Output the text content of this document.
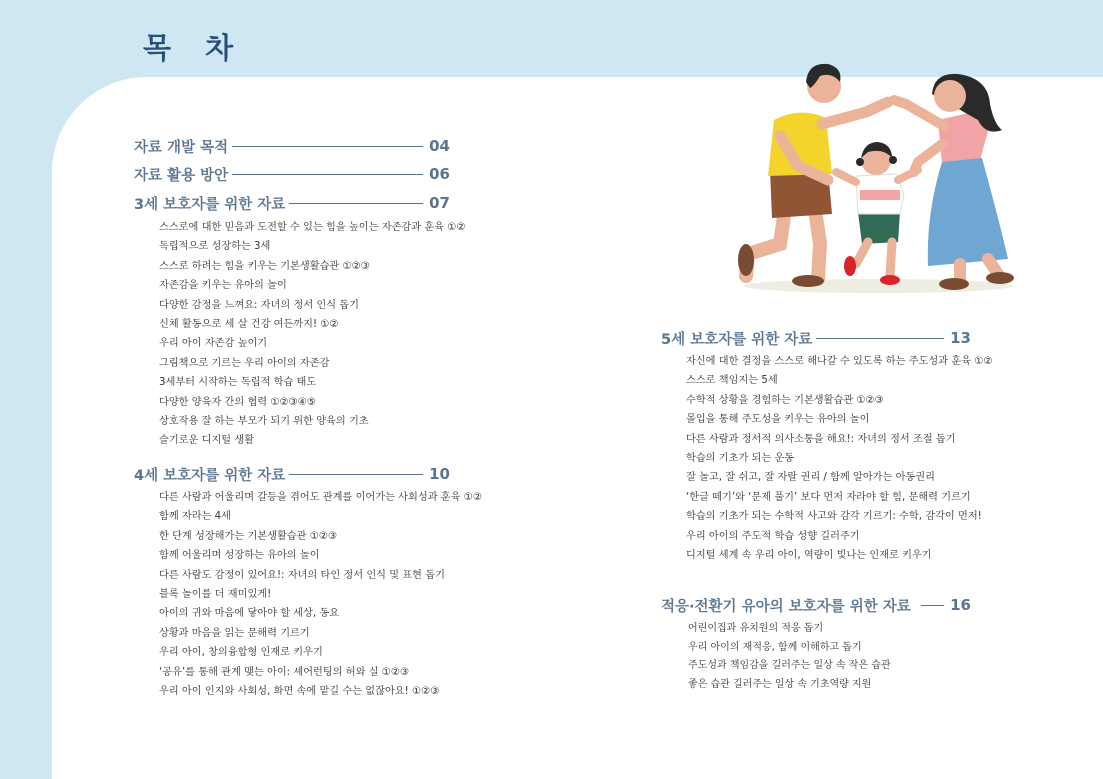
목 차
자료 개발 목적	04
자료 활용 방안	06
3세 보호자를 위한 자료	07
스스로에 대한 믿음과 도전할 수 있는 힘을 높이는 자존감과 훈육 ①②
독립적으로 성장하는 3세
스스로 하려는 힘을 키우는 기본생활습관 ①②③
자존감을 키우는 유아의 놀이
다양한 감정을 느껴요: 자녀의 정서 인식 돕기
신체 활동으로 세 살 건강 여든까지! ①②
우리 아이 자존감 높이기
그림책으로 기르는 우리 아이의 자존감
3세부터 시작하는 독립적 학습 태도
다양한 양육자 간의 협력 ①②③④⑤
상호작용 잘 하는 부모가 되기 위한 양육의 기초
슬기로운 디지털 생활
4세 보호자를 위한 자료	10
다른 사람과 어울리며 갈등을 겪어도 관계를 이어가는 사회성과 훈육 ①②
함께 자라는 4세
한 단계 성장해가는 기본생활습관 ①②③
함께 어울리며 성장하는 유아의 놀이
다른 사람도 감정이 있어요!: 자녀의 타인 정서 인식 및 표현 돕기
블록 놀이를 더 재미있게!
아이의 귀와 마음에 닿아야 할 세상, 동요
상황과 마음을 읽는 문해력 기르기
우리 아이, 창의융합형 인재로 키우기
‘공유’를 통해 관계 맺는 아이: 셰어런팅의 허와 실 ①②③
우리 아이 인지와 사회성, 화면 속에 맡길 수는 없잖아요! ①②③
5세 보호자를 위한 자료	13
자신에 대한 결정을 스스로 해나갈 수 있도록 하는 주도성과 훈육 ①②
스스로 책임지는 5세
수학적 상황을 경험하는 기본생활습관 ①②③
몰입을 통해 주도성을 키우는 유아의 놀이
다른 사람과 정서적 의사소통을 해요!: 자녀의 정서 조절 돕기
학습의 기초가 되는 운동
잘 놀고, 잘 쉬고, 잘 자랄 권리 / 함께 알아가는 아동권리
‘한글 떼기’와 ‘문제 풀기’ 보다 먼저 자라야 할 힘, 문해력 기르기
학습의 기초가 되는 수학적 사고와 감각 기르기: 수학, 감각이 먼저!
우리 아이의 주도적 학습 성향 길러주기
디지털 세계 속 우리 아이, 역량이 빛나는 인재로 키우기
적응·전환기 유아의 보호자를 위한 자료	16
어린이집과 유치원의 적응 돕기
우리 아이의 재적응, 함께 이해하고 돕기
주도성과 책임감을 길러주는 일상 속 작은 습관
좋은 습관 길러주는 일상 속 기초역량 지원
